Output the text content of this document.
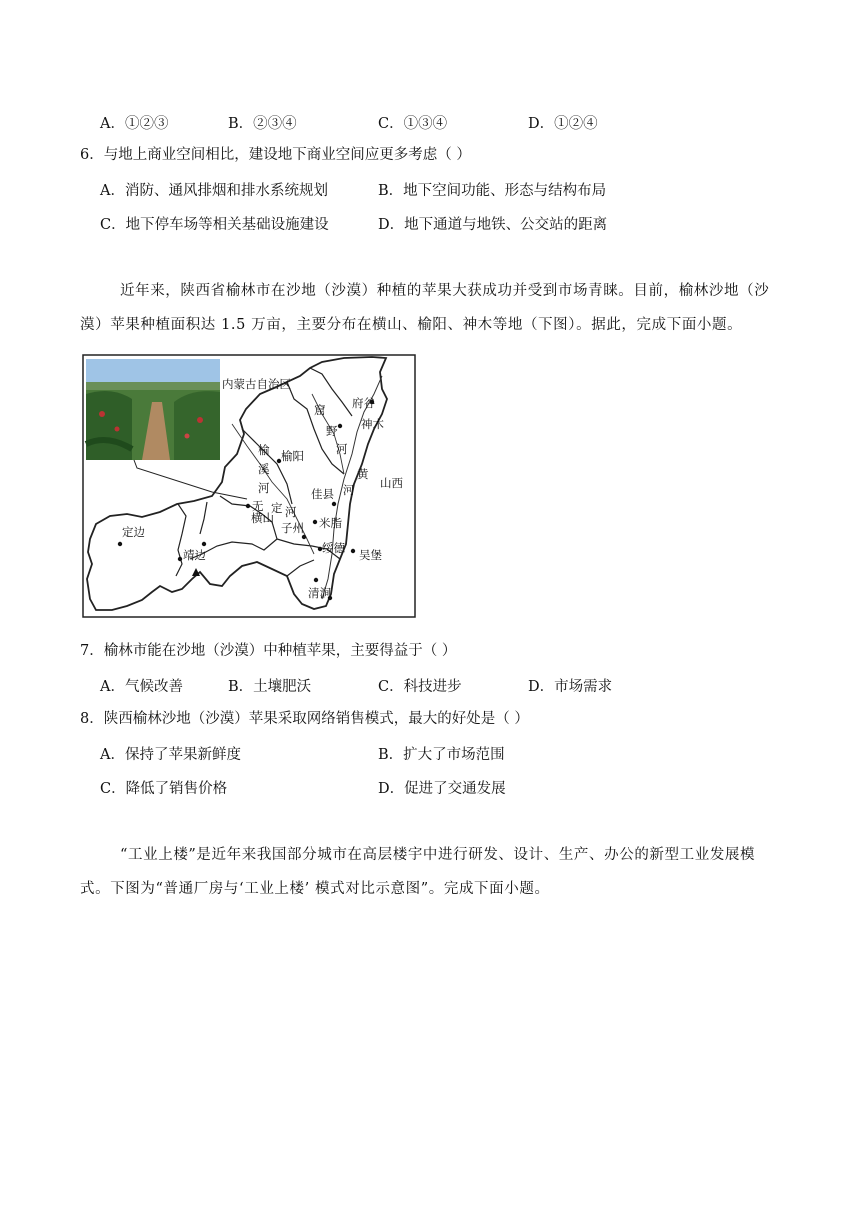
A．①②③	B．②③④	C．①③④	D．①②④
6．与地上商业空间相比，建设地下商业空间应更多考虑（ ）
A．消防、通风排烟和排水系统规划	B．地下空间功能、形态与结构布局
C．地下停车场等相关基础设施建设	D．地下通道与地铁、公交站的距离
近年来，陕西省榆林市在沙地（沙漠）种植的苹果大获成功并受到市场青睐。目前，榆林沙地（沙漠）苹果种植面积达 1.5 万亩，主要分布在横山、榆阳、神木等地（下图）。据此，完成下面小题。
内蒙古自治区
府谷
神木
窟
野
河
榆
溪
河
榆阳
黄
河 山西
佳县
无 定 河
横山
子州 米脂
定边
靖边	绥德 吴堡
清涧
7．榆林市能在沙地（沙漠）中种植苹果，主要得益于（ ）
A．气候改善	B．土壤肥沃	C．科技进步	D．市场需求
8．陕西榆林沙地（沙漠）苹果采取网络销售模式，最大的好处是（ ）
A．保持了苹果新鲜度	B．扩大了市场范围
C．降低了销售价格	D．促进了交通发展
“工业上楼”是近年来我国部分城市在高层楼宇中进行研发、设计、生产、办公的新型工业发展模式。下图为“普通厂房与‘工业上楼’ 模式对比示意图”。完成下面小题。
